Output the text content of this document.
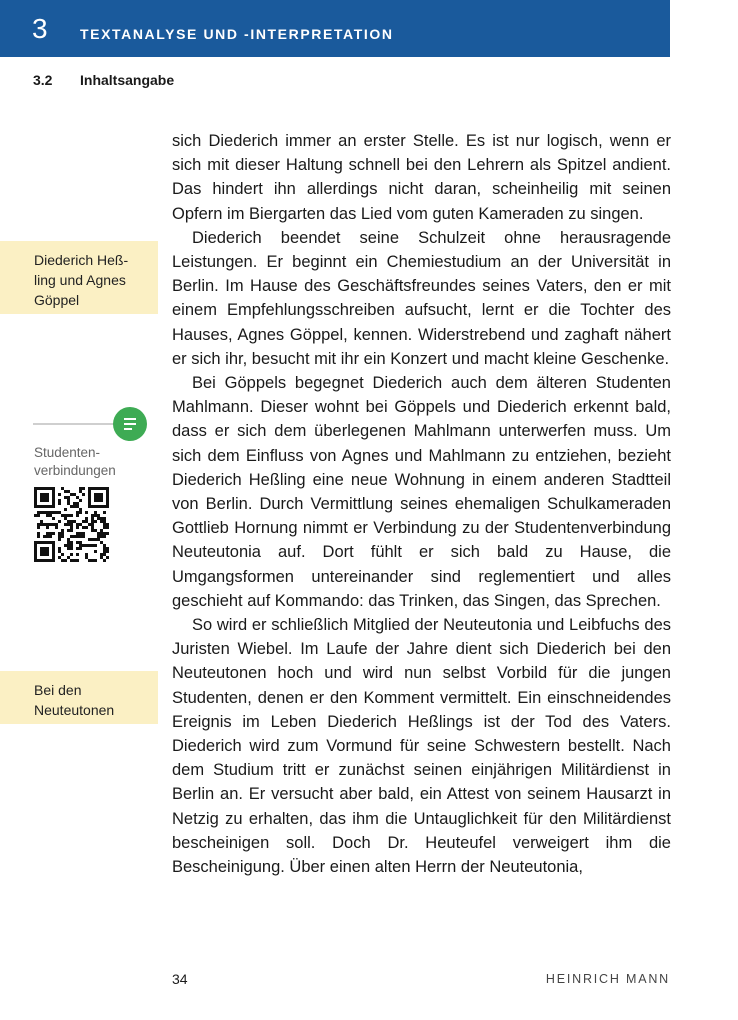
3 TEXTANALYSE UND -INTERPRETATION
3.2 Inhaltsangabe
Diederich Heß-
ling und Agnes
Göppel
Studenten-
verbindungen
Bei den
Neuteutonen

sich Diederich immer an erster Stelle. Es ist nur logisch, wenn er sich mit dieser Haltung schnell bei den Lehrern als Spitzel andient. Das hindert ihn allerdings nicht daran, scheinheilig mit seinen Opfern im Biergarten das Lied vom guten Kameraden zu singen.

Diederich beendet seine Schulzeit ohne herausragende Leistungen. Er beginnt ein Chemiestudium an der Universität in Berlin. Im Hause des Geschäftsfreundes seines Vaters, den er mit einem Empfehlungsschreiben aufsucht, lernt er die Tochter des Hauses, Agnes Göppel, kennen. Widerstrebend und zaghaft nähert er sich ihr, besucht mit ihr ein Konzert und macht kleine Geschenke.

Bei Göppels begegnet Diederich auch dem älteren Studenten Mahlmann. Dieser wohnt bei Göppels und Diederich erkennt bald, dass er sich dem überlegenen Mahlmann unterwerfen muss. Um sich dem Einfluss von Agnes und Mahlmann zu entziehen, bezieht Diederich Heßling eine neue Wohnung in einem anderen Stadtteil von Berlin. Durch Vermittlung seines ehemaligen Schulkameraden Gottlieb Hornung nimmt er Verbindung zu der Studentenverbindung Neuteutonia auf. Dort fühlt er sich bald zu Hause, die Umgangsformen untereinander sind reglementiert und alles geschieht auf Kommando: das Trinken, das Singen, das Sprechen.

So wird er schließlich Mitglied der Neuteutonia und Leibfuchs des Juristen Wiebel. Im Laufe der Jahre dient sich Diederich bei den Neuteutonen hoch und wird nun selbst Vorbild für die jungen Studenten, denen er den Komment vermittelt. Ein einschneidendes Ereignis im Leben Diederich Heßlings ist der Tod des Vaters. Diederich wird zum Vormund für seine Schwestern bestellt. Nach dem Studium tritt er zunächst seinen einjährigen Militärdienst in Berlin an. Er versucht aber bald, ein Attest von seinem Hausarzt in Netzig zu erhalten, das ihm die Untauglichkeit für den Militärdienst bescheinigen soll. Doch Dr. Heuteufel verweigert ihm die Bescheinigung. Über einen alten Herrn der Neuteutonia,

34	HEINRICH MANN
